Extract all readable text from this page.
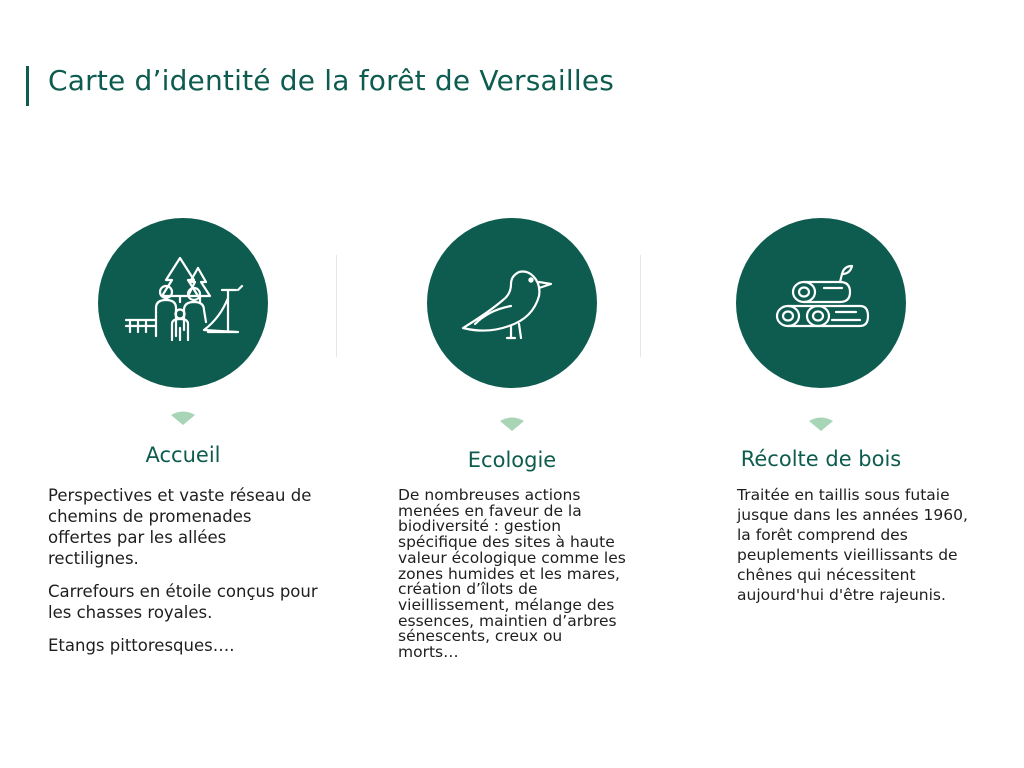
Carte d’identité de la forêt de Versailles
Accueil

Perspectives et vaste réseau de chemins de promenades offertes par les allées rectilignes.

Carrefours en étoile conçus pour les chasses royales.

Etangs pittoresques….

Ecologie

De nombreuses actions menées en faveur de la biodiversité : gestion spécifique des sites à haute valeur écologique comme les zones humides et les mares, création d’îlots de vieillissement, mélange des essences, maintien d’arbres sénescents, creux ou morts…

Récolte de bois

Traitée en taillis sous futaie jusque dans les années 1960, la forêt comprend des peuplements vieillissants de chênes qui nécessitent aujourd'hui d'être rajeunis.
